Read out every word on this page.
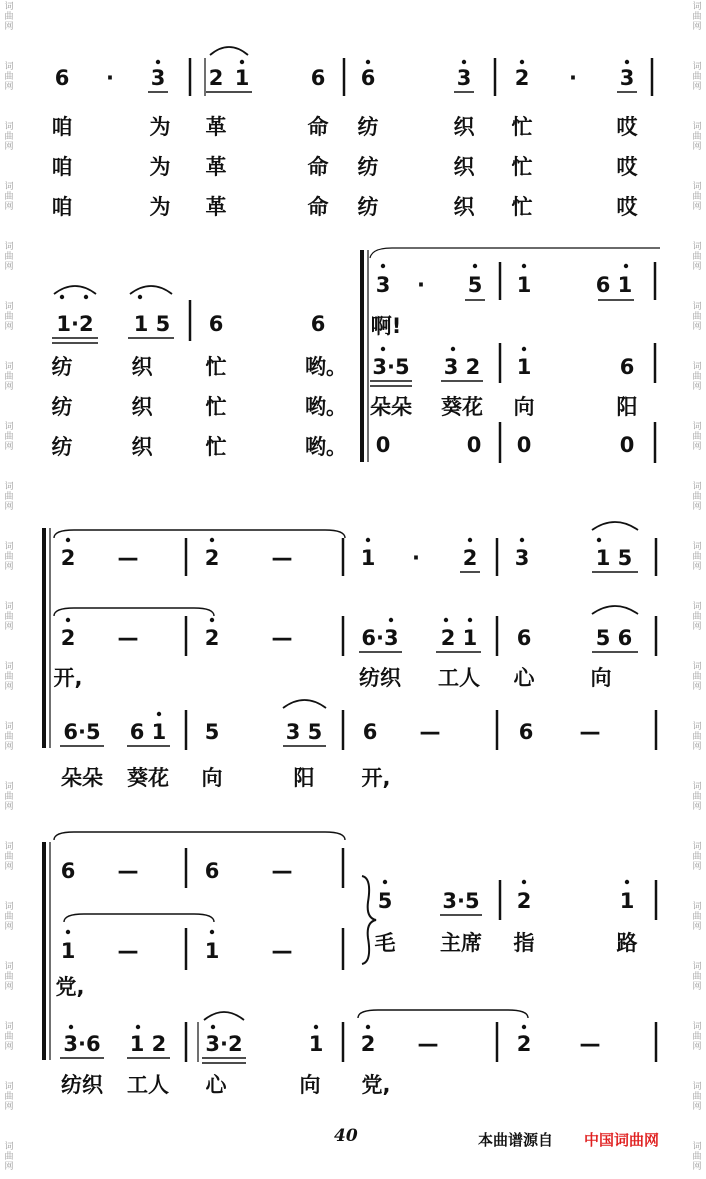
词曲网
词曲网
词曲网
词曲网
词曲网
词曲网
词曲网
词曲网
词曲网
词曲网
词曲网
词曲网
词曲网
词曲网
词曲网
词曲网
词曲网
词曲网
词曲网
词曲网
词曲网
词曲网
词曲网
词曲网
词曲网
词曲网
词曲网
词曲网
词曲网
词曲网
词曲网
词曲网
词曲网
词曲网
词曲网
词曲网
词曲网
词曲网
词曲网
词曲网
6 · 3 2 1	6 6	3 2 · 3
咱	为 革	命 纺	织 忙	哎
咱	为 革	命 纺	织 忙	哎
咱	为 革	命 纺	织 忙	哎
1·2 1 5 6	6
纺	织	忙	哟。
纺	织	忙	哟。
纺	织	忙	哟。
3 · 5 1	6 1
啊!
3·5 3 2 1	6
朵朵 葵花 向	阳
0	0 0	0
2 —	2 —	1 · 2 3	1 5
2 —	2 —	6·3 2 1 6	5 6
开,	纺织 工人 心	向
6·5 6 1 5	3 5 6 —	6 —
朵朵 葵花 向	阳 开,
6 —	6 —
1 —	1 —
党,
5 3·5 2	1
毛 主席 指	路
3·6 1 2 3·2	1 2 —	2 —
纺织 工人 心	向 党,
40	本曲谱源自 中国词曲网
